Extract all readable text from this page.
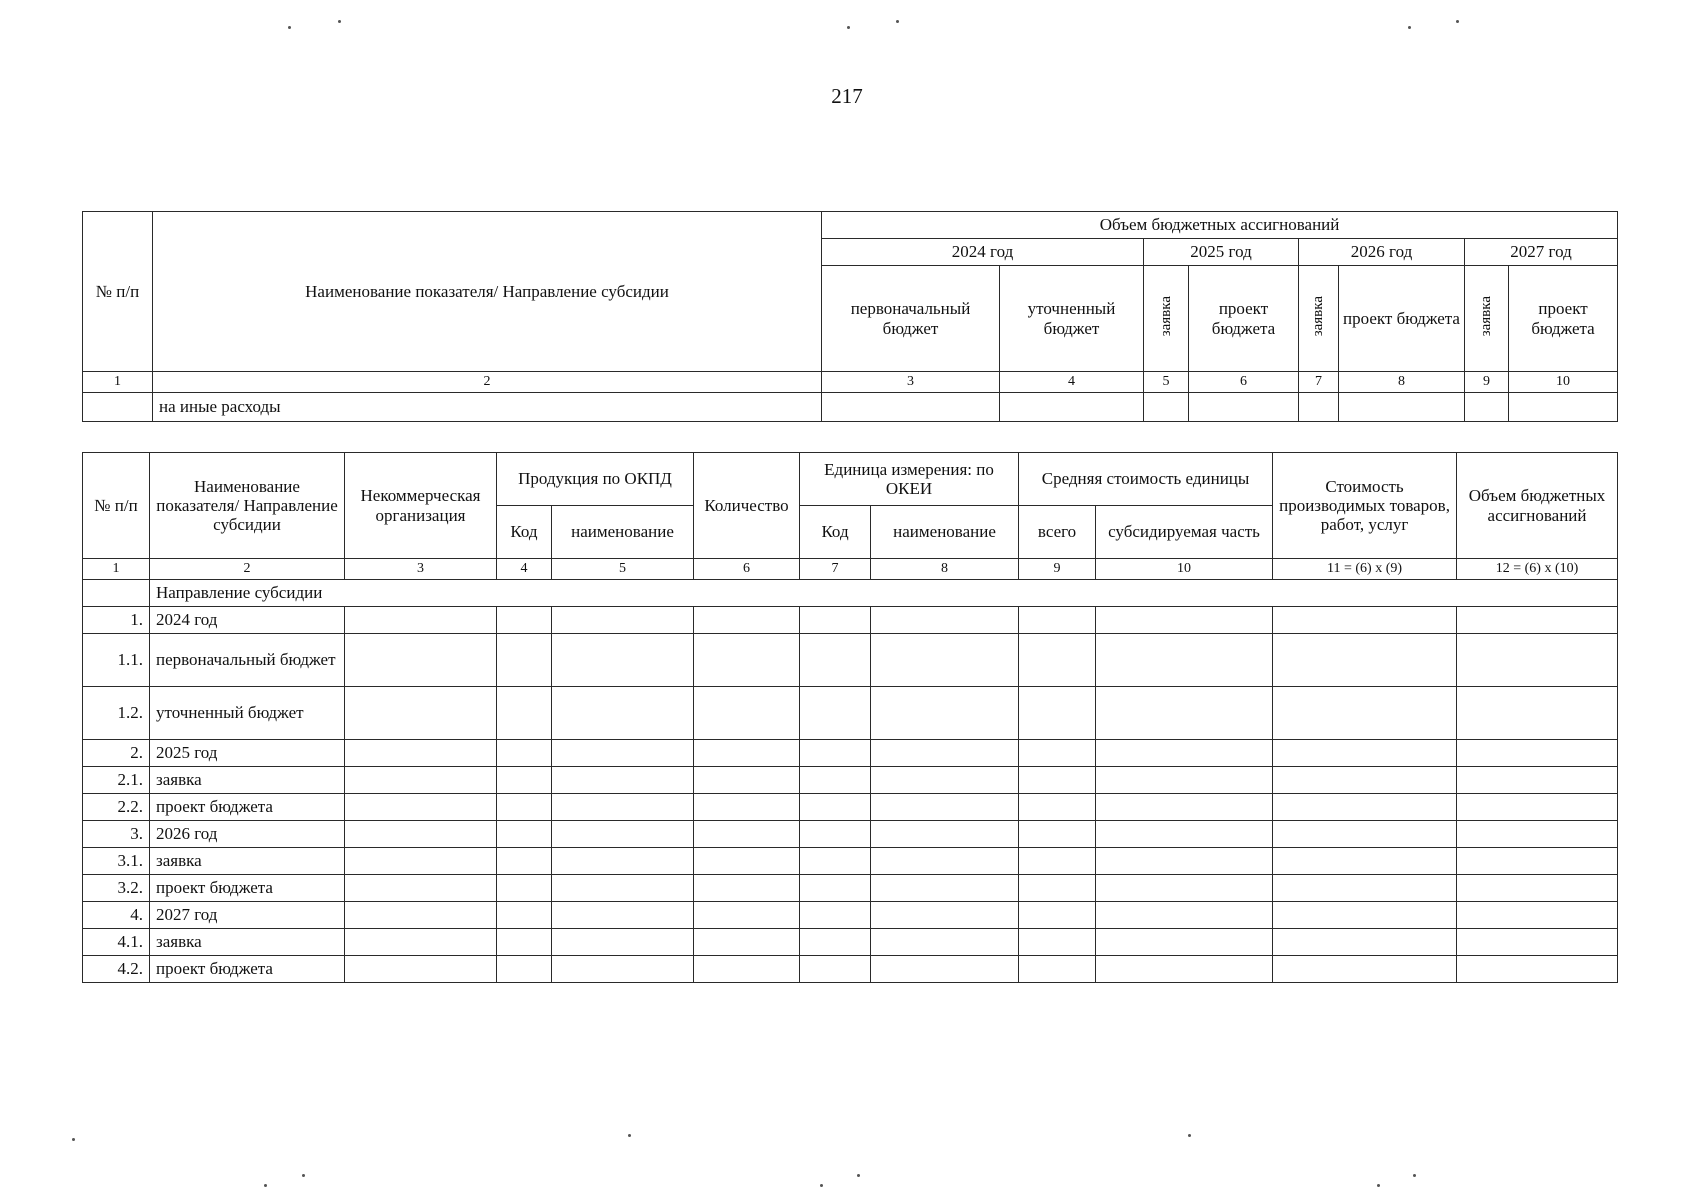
217
№ п/п	Наименование показателя/ Направление субсидии	Объем бюджетных ассигнований							
		2024 год		2025 год		2026 год		2027 год	
		первоначальный бюджет	уточненный бюджет	заявка	проект бюджета	заявка	проект бюджета	заявка	проект бюджета
1	2	3	4	5	6	7	8	9	10
	на иные расходы								
№ п/п	Наименование показателя/ Направление субсидии	Некоммерческая организация	Продукция по ОКПД		Количество	Единица измерения: по ОКЕИ		Средняя стоимость единицы		Стоимость производимых товаров, работ, услуг	Объем бюджетных ассигнований
			Код	наименование		Код	наименование	всего	субсидируемая часть		
1	2	3	4	5	6	7	8	9	10	11 = (6) х (9)	12 = (6) х (10)
	Направление субсидии										
1.	2024 год										
1.1.	первоначальный бюджет										
1.2.	уточненный бюджет										
2.	2025 год										
2.1.	заявка										
2.2.	проект бюджета										
3.	2026 год										
3.1.	заявка										
3.2.	проект бюджета										
4.	2027 год										
4.1.	заявка										
4.2.	проект бюджета										
